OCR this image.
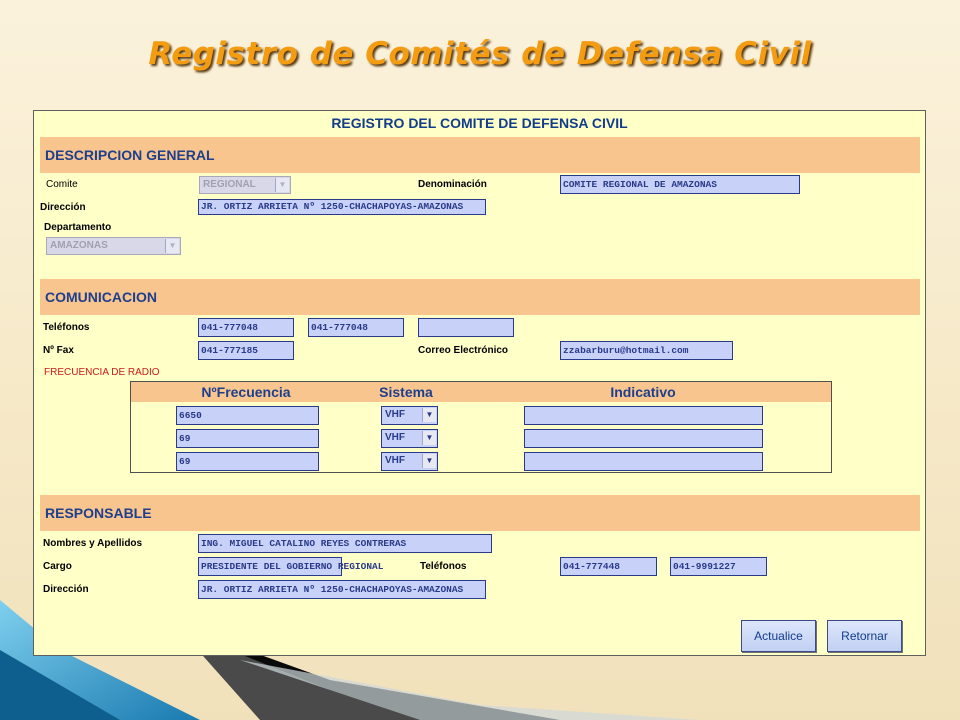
Registro de Comités de Defensa Civil
REGISTRO DEL COMITE DE DEFENSA CIVIL
DESCRIPCION GENERAL
Comite	REGIONAL	▼	Denominación	COMITE REGIONAL DE AMAZONAS
Dirección	JR. ORTIZ ARRIETA Nº 1250-CHACHAPOYAS-AMAZONAS
Departamento
AMAZONAS	▼
COMUNICACION
Teléfonos	041-777048	041-777048
Nº Fax	041-777185	Correo Electrónico	zzabarburu@hotmail.com
FRECUENCIA DE RADIO
NºFrecuencia	Sistema	Indicativo
6650	VHF	▼
69	VHF	▼
69	VHF	▼
RESPONSABLE
Nombres y Apellidos	ING. MIGUEL CATALINO REYES CONTRERAS
Cargo	PRESIDENTE DEL GOBIERNO REGIONAL	Teléfonos	041-777448	041-9991227
Dirección	JR. ORTIZ ARRIETA Nº 1250-CHACHAPOYAS-AMAZONAS
Actualice	Retornar
